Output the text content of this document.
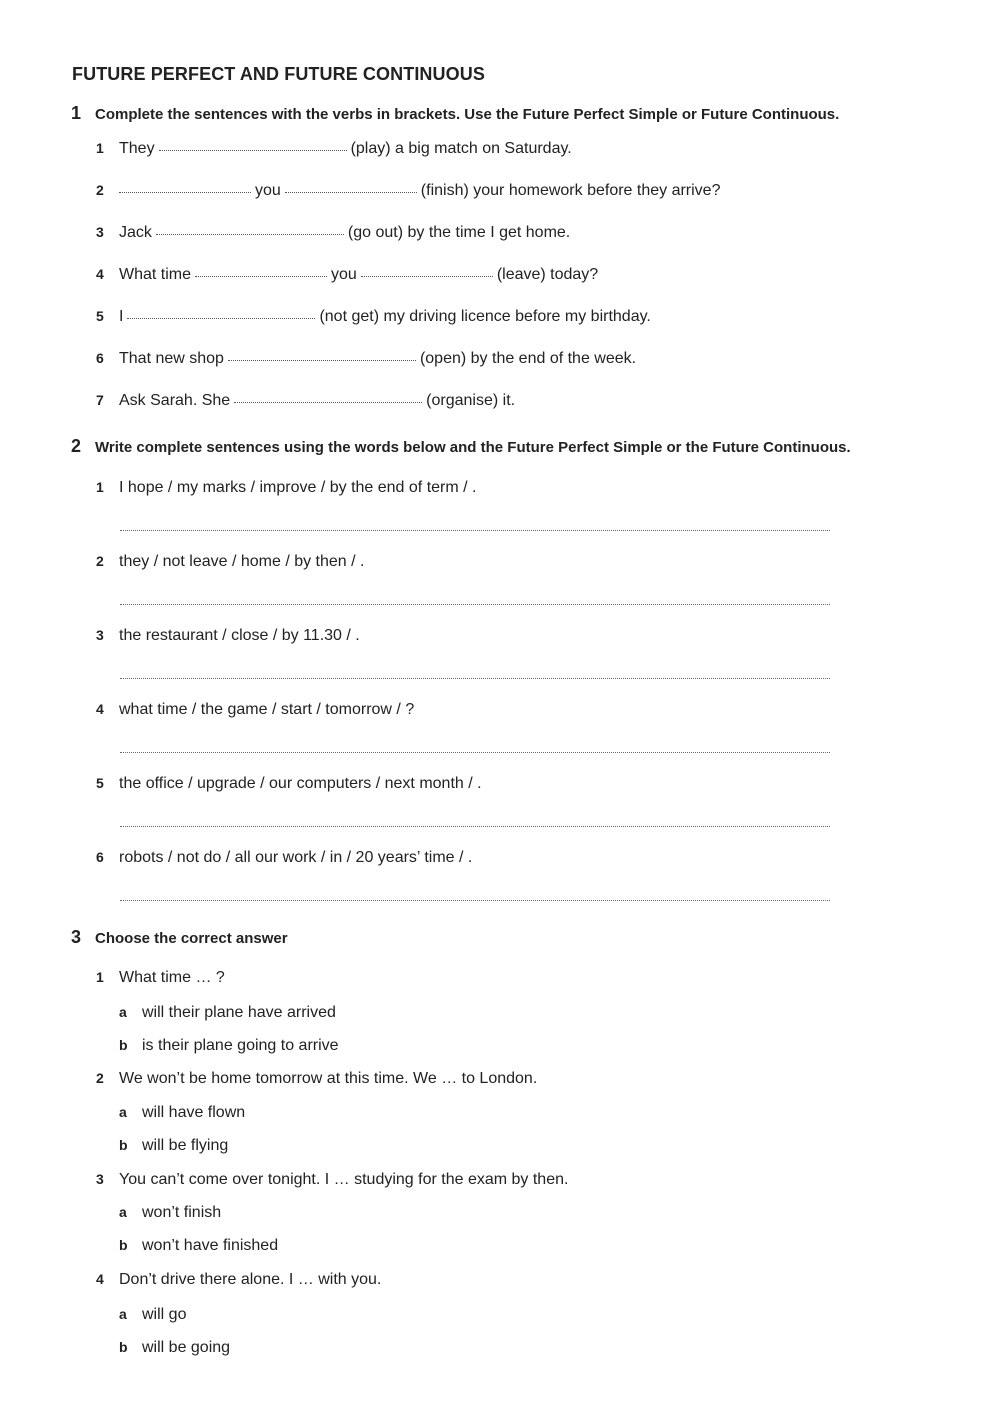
FUTURE PERFECT AND FUTURE CONTINUOUS
1 Complete the sentences with the verbs in brackets. Use the Future Perfect Simple or Future Continuous.
1 They	(play) a big match on Saturday.
2	you	(finish) your homework before they arrive?
3 Jack	(go out) by the time I get home.
4 What time	you	(leave) today?
5 I	(not get) my driving licence before my birthday.
6 That new shop	(open) by the end of the week.
7 Ask Sarah. She	(organise) it.
2 Write complete sentences using the words below and the Future Perfect Simple or the Future Continuous.
1 I hope / my marks / improve / by the end of term / .
2 they / not leave / home / by then / .
3 the restaurant / close / by 11.30 / .
4 what time / the game / start / tomorrow / ?
5 the office / upgrade / our computers / next month / .
6 robots / not do / all our work / in / 20 years’ time / .
3 Choose the correct answer
1 What time … ?
a will their plane have arrived
b is their plane going to arrive
2 We won’t be home tomorrow at this time. We … to London.
a will have flown
b will be flying
3 You can’t come over tonight. I … studying for the exam by then.
a won’t finish
b won’t have finished
4 Don’t drive there alone. I … with you.
a will go
b will be going
